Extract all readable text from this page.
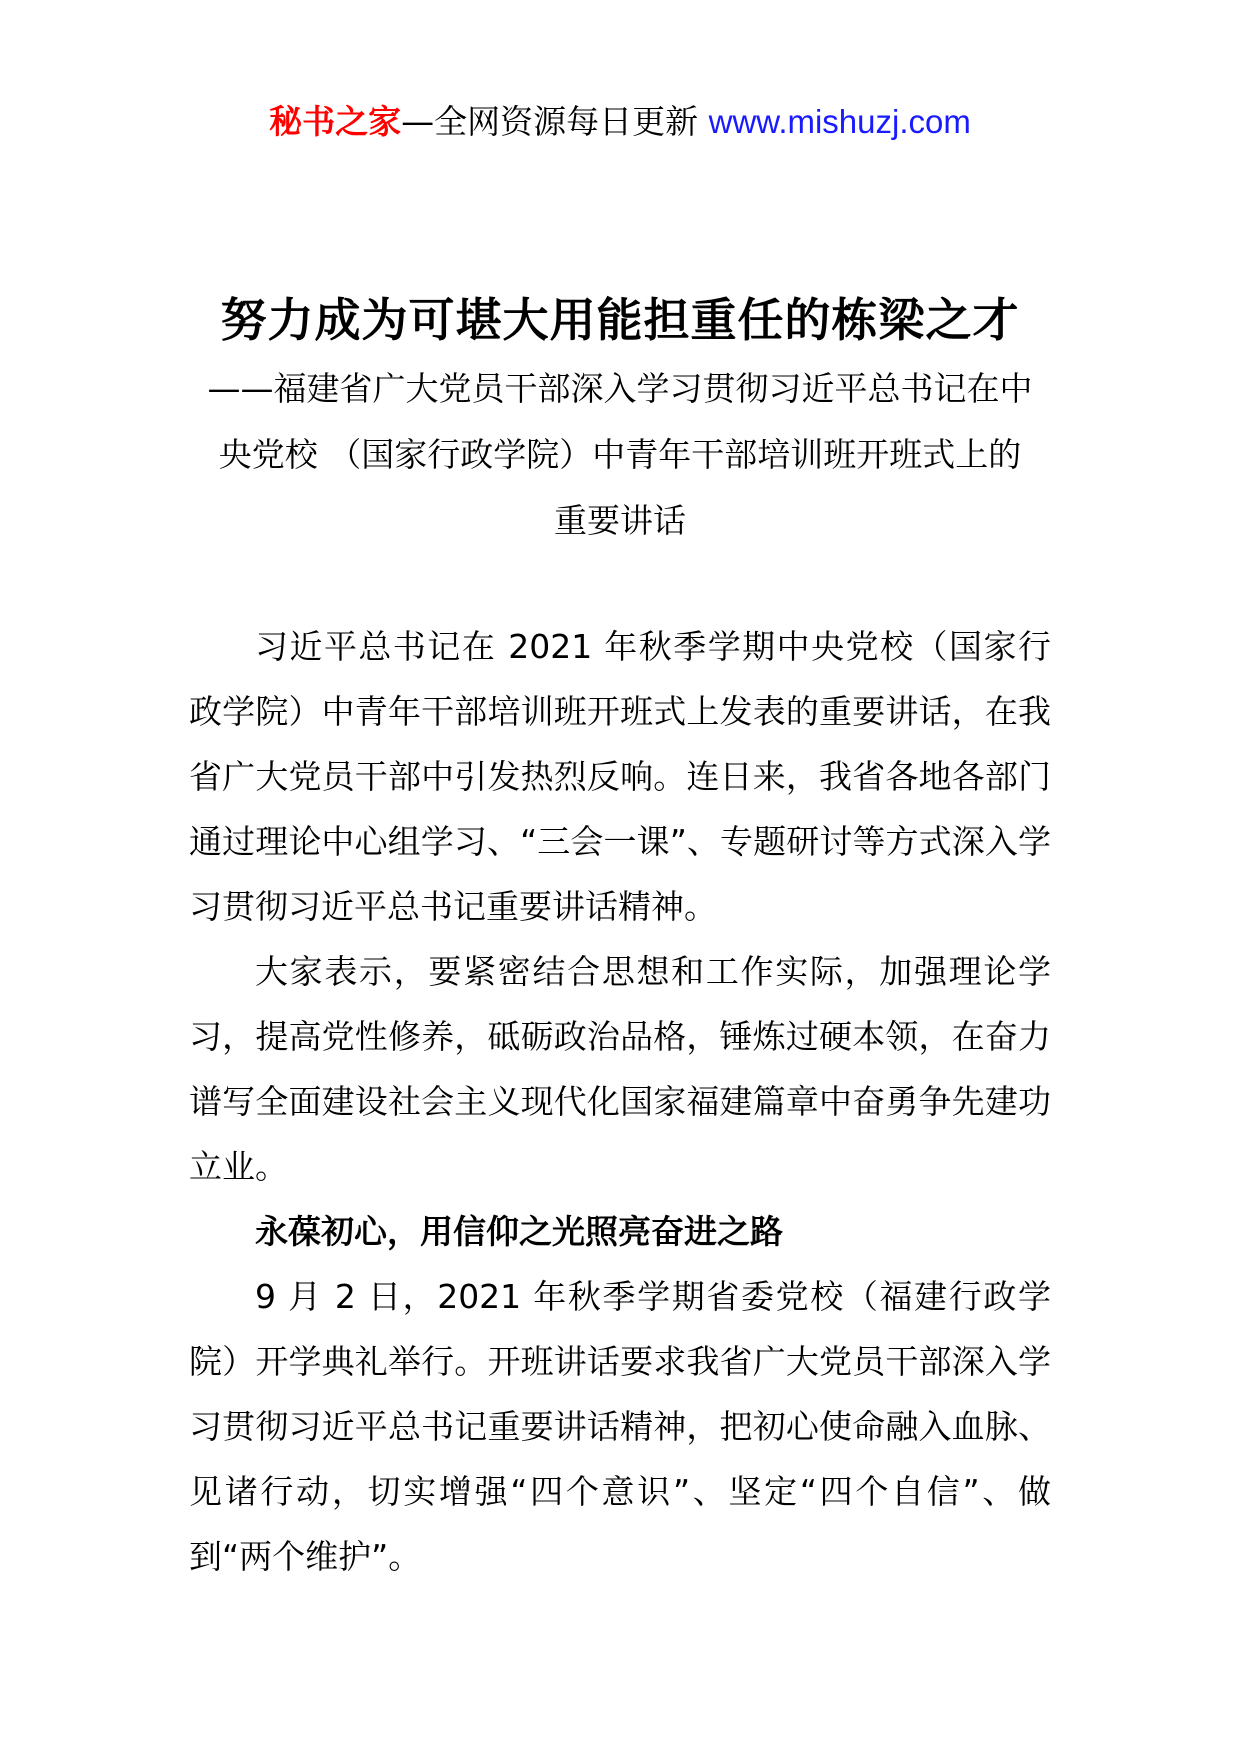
秘书之家—全网资源每日更新 www.mishuzj.com
努力成为可堪大用能担重任的栋梁之才
——福建省广大党员干部深入学习贯彻习近平总书记在中
央党校 （国家行政学院）中青年干部培训班开班式上的
重要讲话

习近平总书记在 2021 年秋季学期中央党校（国家行政学院）中青年干部培训班开班式上发表的重要讲话，在我省广大党员干部中引发热烈反响。连日来，我省各地各部门通过理论中心组学习、“三会一课”、专题研讨等方式深入学习贯彻习近平总书记重要讲话精神。

大家表示，要紧密结合思想和工作实际，加强理论学习，提高党性修养，砥砺政治品格，锤炼过硬本领，在奋力谱写全面建设社会主义现代化国家福建篇章中奋勇争先建功立业。

永葆初心，用信仰之光照亮奋进之路

9 月 2 日，2021 年秋季学期省委党校（福建行政学院）开学典礼举行。开班讲话要求我省广大党员干部深入学习贯彻习近平总书记重要讲话精神，把初心使命融入血脉、见诸行动，切实增强“四个意识”、坚定“四个自信”、做到“两个维护”。
